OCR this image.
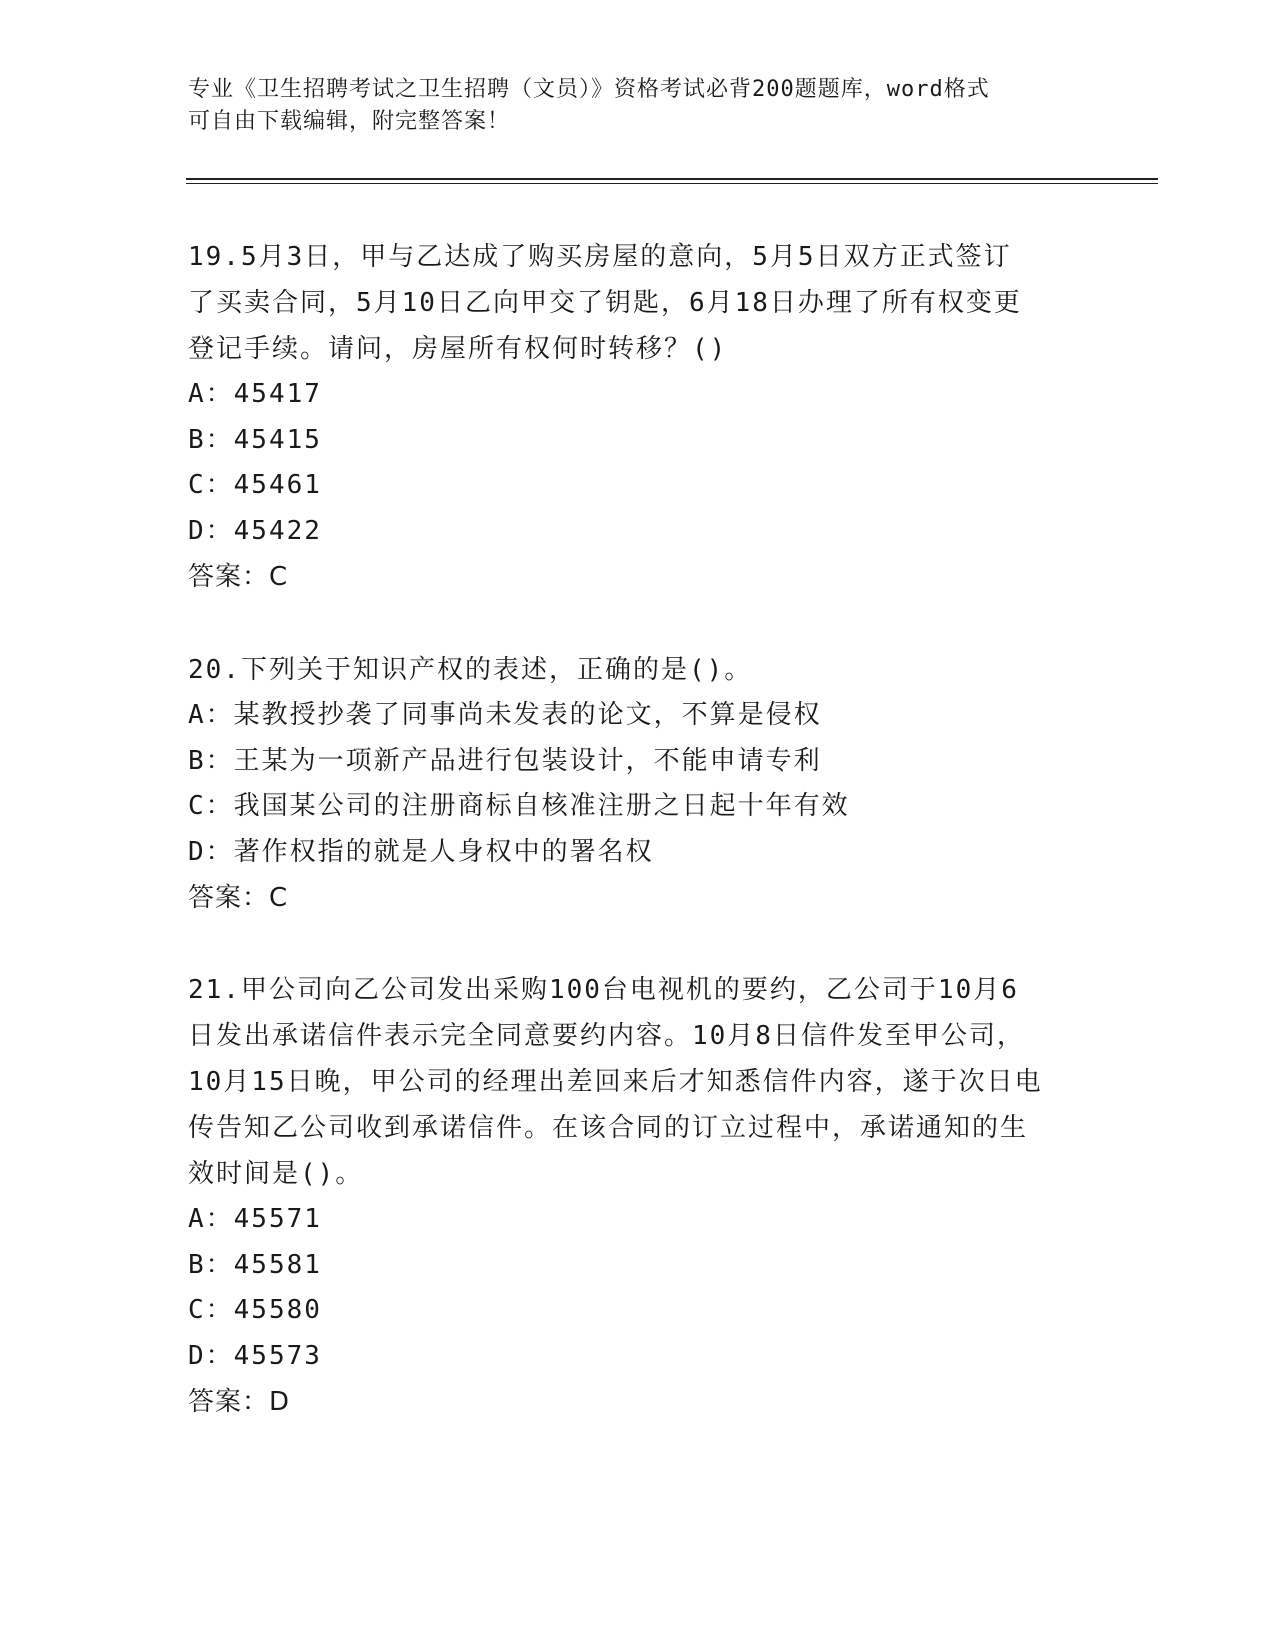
专业《卫生招聘考试之卫生招聘（文员）》资格考试必背200题题库，word格式
可自由下载编辑，附完整答案！
19.5月3日，甲与乙达成了购买房屋的意向，5月5日双方正式签订
了买卖合同，5月10日乙向甲交了钥匙，6月18日办理了所有权变更
登记手续。请问，房屋所有权何时转移？()
A：45417
B：45415
C：45461
D：45422
答案：C
20.下列关于知识产权的表述，正确的是()。
A：某教授抄袭了同事尚未发表的论文，不算是侵权
B：王某为一项新产品进行包装设计，不能申请专利
C：我国某公司的注册商标自核准注册之日起十年有效
D：著作权指的就是人身权中的署名权
答案：C
21.甲公司向乙公司发出采购100台电视机的要约，乙公司于10月6
日发出承诺信件表示完全同意要约内容。10月8日信件发至甲公司，
10月15日晚，甲公司的经理出差回来后才知悉信件内容，遂于次日电
传告知乙公司收到承诺信件。在该合同的订立过程中，承诺通知的生
效时间是()。
A：45571
B：45581
C：45580
D：45573
答案：D
